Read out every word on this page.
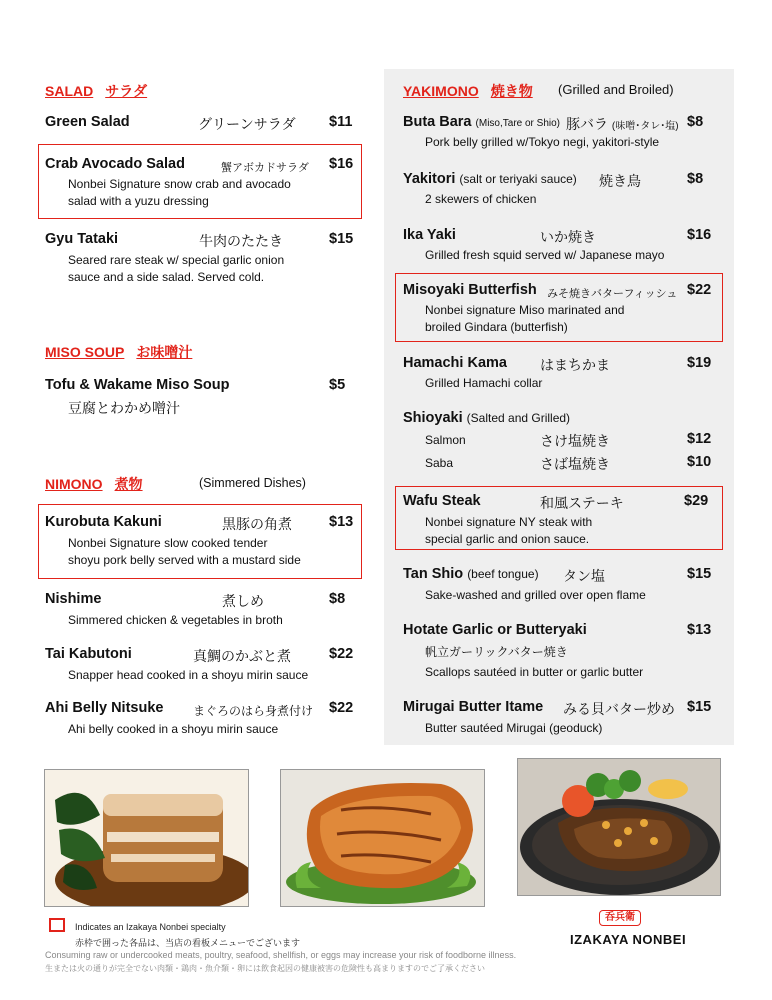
SALAD サラダ
Green Salad	グリーンサラダ $11
Crab Avocado Salad	蟹アボカドサラダ $16
Nonbei Signature snow crab and avocado
salad with a yuzu dressing
Gyu Tataki	牛肉のたたき	$15
Seared rare steak w/ special garlic onion
sauce and a side salad. Served cold.
MISO SOUP お味噌汁
Tofu & Wakame Miso Soup	$5
豆腐とわかめ噌汁
NIMONO 煮物	(Simmered Dishes)
Kurobuta Kakuni	黒豚の角煮	$13
Nonbei Signature slow cooked tender
shoyu pork belly served with a mustard side
Nishime	煮しめ	$8
Simmered chicken & vegetables in broth
Tai Kabutoni	真鯛のかぶと煮	$22
Snapper head cooked in a shoyu mirin sauce
Ahi Belly Nitsuke まぐろのはら身煮付け $22
Ahi belly cooked in a shoyu mirin sauce
YAKIMONO 焼き物 (Grilled and Broiled)
Buta Bara (Miso,Tare or Shio) 豚バラ (味噌･タレ･塩) $8
Pork belly grilled w/Tokyo negi, yakitori-style
Yakitori (salt or teriyaki sauce) 焼き鳥	$8
2 skewers of chicken
Ika Yaki	いか焼き	$16
Grilled fresh squid served w/ Japanese mayo
Misoyaki Butterfish みそ焼きバターフィッシュ $22
Nonbei signature Miso marinated and
broiled Gindara (butterfish)
Hamachi Kama はまちかま	$19
Grilled Hamachi collar
Shioyaki (Salted and Grilled)
Salmon	さけ塩焼き	$12
Saba	さば塩焼き	$10
Wafu Steak	和風ステーキ	$29
Nonbei signature NY steak with
special garlic and onion sauce.
Tan Shio (beef tongue) タン塩	$15
Sake-washed and grilled over open flame
Hotate Garlic or Butteryaki	$13
帆立ガーリックバター焼き
Scallops sautéed in butter or garlic butter
Mirugai Butter Itame みる貝バター炒め $15
Butter sautéed Mirugai (geoduck)
Indicates an Izakaya Nonbei specialty
赤枠で囲った各品は、当店の看板メニューでございます
Consuming raw or undercooked meats, poultry, seafood, shellfish, or eggs may increase your risk of foodborne illness.
生または火の通りが完全でない肉類・鶏肉・魚介類・卵には飲食起因の健康被害の危険性も高まりますのでご了承ください
呑兵衛
IZAKAYA NONBEI
